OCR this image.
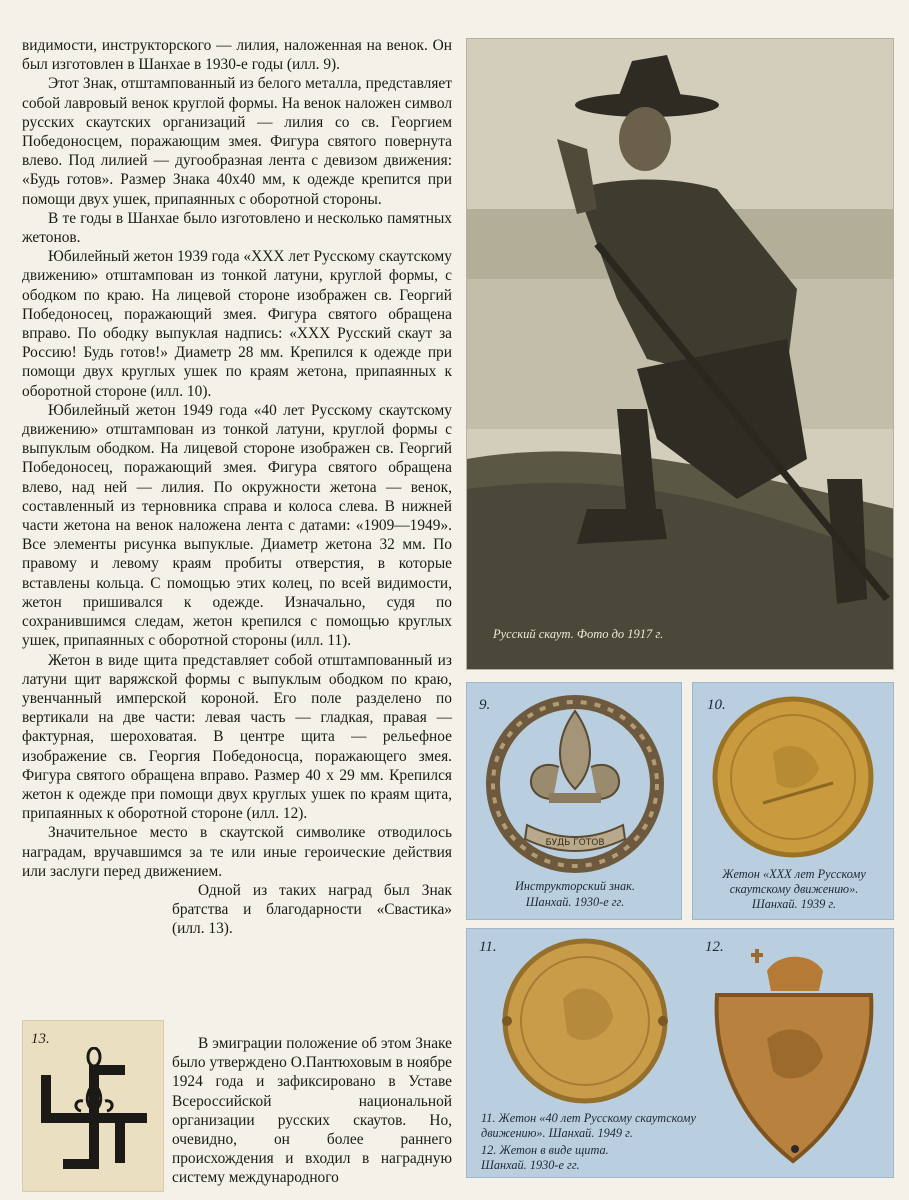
видимости, инструкторского — лилия, наложенная на венок. Он был изготовлен в Шанхае в 1930-е годы (илл. 9).

Этот Знак, отштампованный из белого металла, представляет собой лавровый венок круглой формы. На венок наложен символ русских скаутских организаций — лилия со св. Георгием Победоносцем, поражающим змея. Фигура святого повернута влево. Под лилией — дугообразная лента с девизом движения: «Будь готов». Размер Знака 40х40 мм, к одежде крепится при помощи двух ушек, припаянных с оборотной стороны.

В те годы в Шанхае было изготовлено и несколько памятных жетонов.

Юбилейный жетон 1939 года «XXX лет Русскому скаутскому движению» отштампован из тонкой латуни, круглой формы, с ободком по краю. На лицевой стороне изображен св. Георгий Победоносец, поражающий змея. Фигура святого обращена вправо. По ободку выпуклая надпись: «XXX Русский скаут за Россию! Будь готов!» Диаметр 28 мм. Крепился к одежде при помощи двух круглых ушек по краям жетона, припаянных к оборотной стороне (илл. 10).

Юбилейный жетон 1949 года «40 лет Русскому скаутскому движению» отштампован из тонкой латуни, круглой формы с выпуклым ободком. На лицевой стороне изображен св. Георгий Победоносец, поражающий змея. Фигура святого обращена влево, над ней — лилия. По окружности жетона — венок, составленный из терновника справа и колоса слева. В нижней части жетона на венок наложена лента с датами: «1909—1949». Все элементы рисунка выпуклые. Диаметр жетона 32 мм. По правому и левому краям пробиты отверстия, в которые вставлены кольца. С помощью этих колец, по всей видимости, жетон пришивался к одежде. Изначально, судя по сохранившимся следам, жетон крепился с помощью круглых ушек, припаянных с оборотной стороны (илл. 11).

Жетон в виде щита представляет собой отштампованный из латуни щит варяжской формы с выпуклым ободком по краю, увенчанный имперской короной. Его поле разделено по вертикали на две части: левая часть — гладкая, правая — фактурная, шероховатая. В центре щита — рельефное изображение св. Георгия Победоносца, поражающего змея. Фигура святого обращена вправо. Размер 40 х 29 мм. Крепился жетон к одежде при помощи двух круглых ушек по краям щита, припаянных к оборотной стороне (илл. 12).

Значительное место в скаутской символике отводилось наградам, вручавшимся за те или иные героические действия или заслуги перед движением.

Одной из таких наград был Знак братства и благодарности «Свастика» (илл. 13).

13.	В эмиграции положение об этом Знаке было утверждено О.Пантюховым в ноябре 1924 года и зафиксировано в Уставе Всероссийской национальной организации русских скаутов. Но, очевидно, он более раннего происхождения и входил в наградную систему международного

Русский скаут. Фото до 1917 г.
9.
БУДЬ ГОТОВ
Инструкторский знак.
Шанхай. 1930-е гг.
10.
Жетон «XXX лет Русскому
скаутскому движению».
Шанхай. 1939 г.
11.	12.
11. Жетон «40 лет Русскому скаутскому
движению». Шанхай. 1949 г.
12. Жетон в виде щита.
Шанхай. 1930-е гг.
